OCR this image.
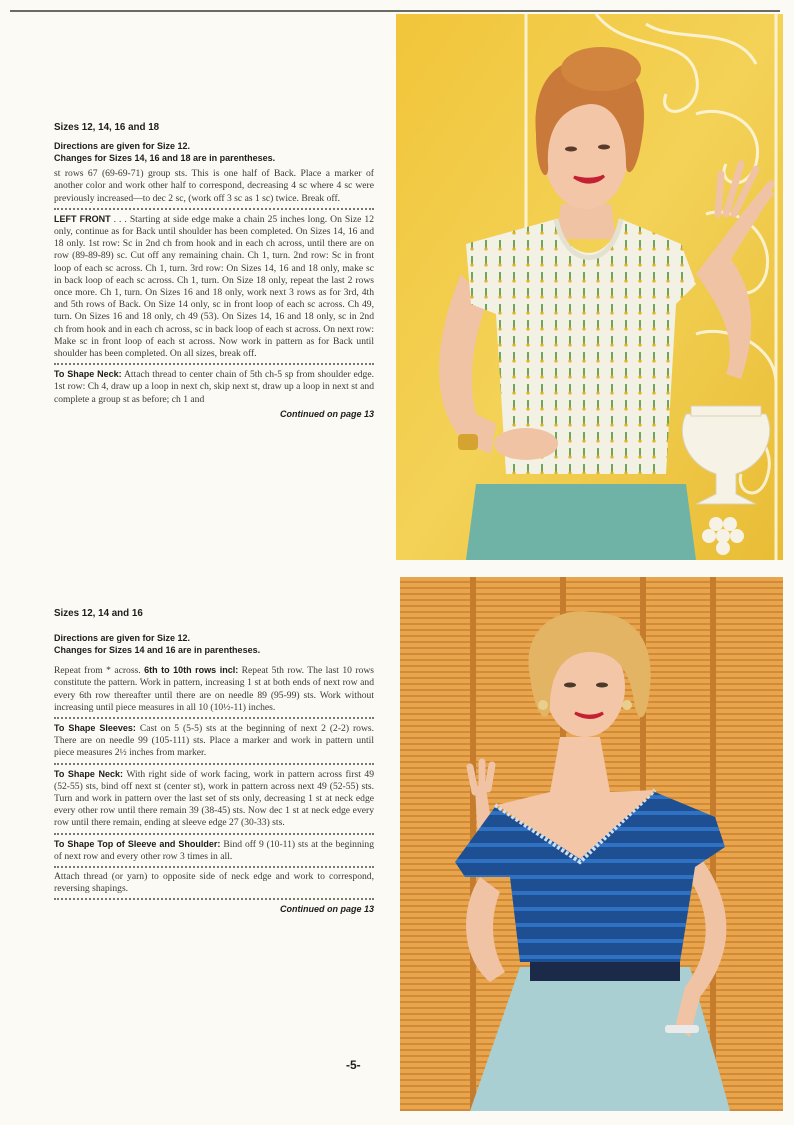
Sizes 12, 14, 16 and 18

Directions are given for Size 12.

Changes for Sizes 14, 16 and 18 are in parentheses.

st rows 67 (69-69-71) group sts. This is one half of Back. Place a marker of another color and work other half to correspond, decreasing 4 sc where 4 sc were previously increased—to dec 2 sc, (work off 3 sc as 1 sc) twice. Break off.

LEFT FRONT . . . Starting at side edge make a chain 25 inches long. On Size 12 only, continue as for Back until shoulder has been completed. On Sizes 14, 16 and 18 only. 1st row: Sc in 2nd ch from hook and in each ch across, until there are on row (89-89-89) sc. Cut off any remaining chain. Ch 1, turn. 2nd row: Sc in front loop of each sc across. Ch 1, turn. 3rd row: On Sizes 14, 16 and 18 only, make sc in back loop of each sc across. Ch 1, turn. On Size 18 only, repeat the last 2 rows once more. Ch 1, turn. On Sizes 16 and 18 only, work next 3 rows as for 3rd, 4th and 5th rows of Back. On Size 14 only, sc in front loop of each sc across. Ch 49, turn. On Sizes 16 and 18 only, ch 49 (53). On Sizes 14, 16 and 18 only, sc in 2nd ch from hook and in each ch across, sc in back loop of each st across. On next row: Make sc in front loop of each st across. Now work in pattern as for Back until shoulder has been completed. On all sizes, break off.

To Shape Neck: Attach thread to center chain of 5th ch-5 sp from shoulder edge. 1st row: Ch 4, draw up a loop in next ch, skip next st, draw up a loop in next st and complete a group st as before; ch 1 and

Continued on page 13

Sizes 12, 14 and 16

Directions are given for Size 12.

Changes for Sizes 14 and 16 are in parentheses.

Repeat from * across. 6th to 10th rows incl: Repeat 5th row. The last 10 rows constitute the pattern. Work in pattern, increasing 1 st at both ends of next row and every 6th row thereafter until there are on needle 89 (95-99) sts. Work without increasing until piece measures in all 10 (10½-11) inches.

To Shape Sleeves: Cast on 5 (5-5) sts at the beginning of next 2 (2-2) rows. There are on needle 99 (105-111) sts. Place a marker and work in pattern until piece measures 2½ inches from marker.

To Shape Neck: With right side of work facing, work in pattern across first 49 (52-55) sts, bind off next st (center st), work in pattern across next 49 (52-55) sts. Turn and work in pattern over the last set of sts only, decreasing 1 st at neck edge every other row until there remain 39 (38-45) sts. Now dec 1 st at neck edge every row until there remain, ending at sleeve edge 27 (30-33) sts.

To Shape Top of Sleeve and Shoulder: Bind off 9 (10-11) sts at the beginning of next row and every other row 3 times in all.

Attach thread (or yarn) to opposite side of neck edge and work to correspond, reversing shapings.

Continued on page 13

-5-
